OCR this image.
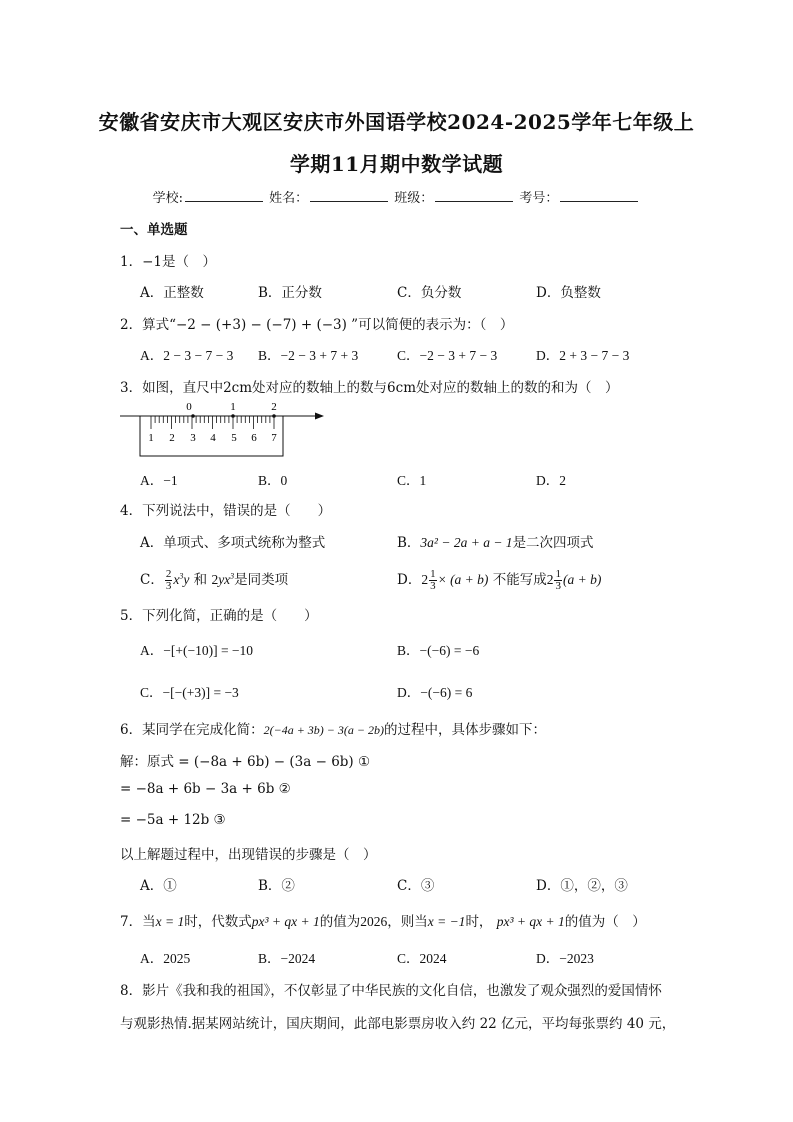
安徽省安庆市大观区安庆市外国语学校2024-2025学年七年级上
学期11月期中数学试题
学校:	姓名：	班级：	考号：
一、单选题
1．−1是（　）
A．正整数	B．正分数	C．负分数	D．负整数
2．算式“−2 − (+3) − (−7) + (−3) ”可以简便的表示为：（　）
A．2 − 3 − 7 − 3 B．−2 − 3 + 7 + 3	C．−2 − 3 + 7 − 3	D．2 + 3 − 7 − 3
3．如图，直尺中2cm处对应的数轴上的数与6cm处对应的数轴上的数的和为（　）
0	1	2
1 2 3 4 5 6 7
A．−1	B．0	C．1	D．2
4．下列说法中，错误的是（　　）
A．单项式、多项式统称为整式	B．3a² − 2a + a − 1是二次四项式
C． $\frac{2}{3} x^3y$ 和 $2yx^3$是同类项	D．$2 \frac{1}{3} \times (a + b)$ 不能写成$2 \frac{1}{3} (a + b)$
5．下列化简，正确的是（　　）
A．−[+(−10)] = −10	B．−(−6) = −6
C．−[−(+3)] = −3	D．−(−6) = 6
6．某同学在完成化简：2(−4a + 3b) − 3(a − 2b)的过程中，具体步骤如下：
解：原式 = (−8a + 6b) − (3a − 6b) ①
= −8a + 6b − 3a + 6b ②
= −5a + 12b ③
以上解题过程中，出现错误的步骤是（　）
A．①	B．②	C．③	D．①，②，③
7．当x = 1时，代数式px³ + qx + 1的值为2026，则当x = −1时， px³ + qx + 1的值为（　）
A．2025	B．−2024	C．2024	D．−2023
8．影片《我和我的祖国》，不仅彰显了中华民族的文化自信，也激发了观众强烈的爱国情怀
与观影热情.据某网站统计，国庆期间，此部电影票房收入约 22 亿元，平均每张票约 40 元，
